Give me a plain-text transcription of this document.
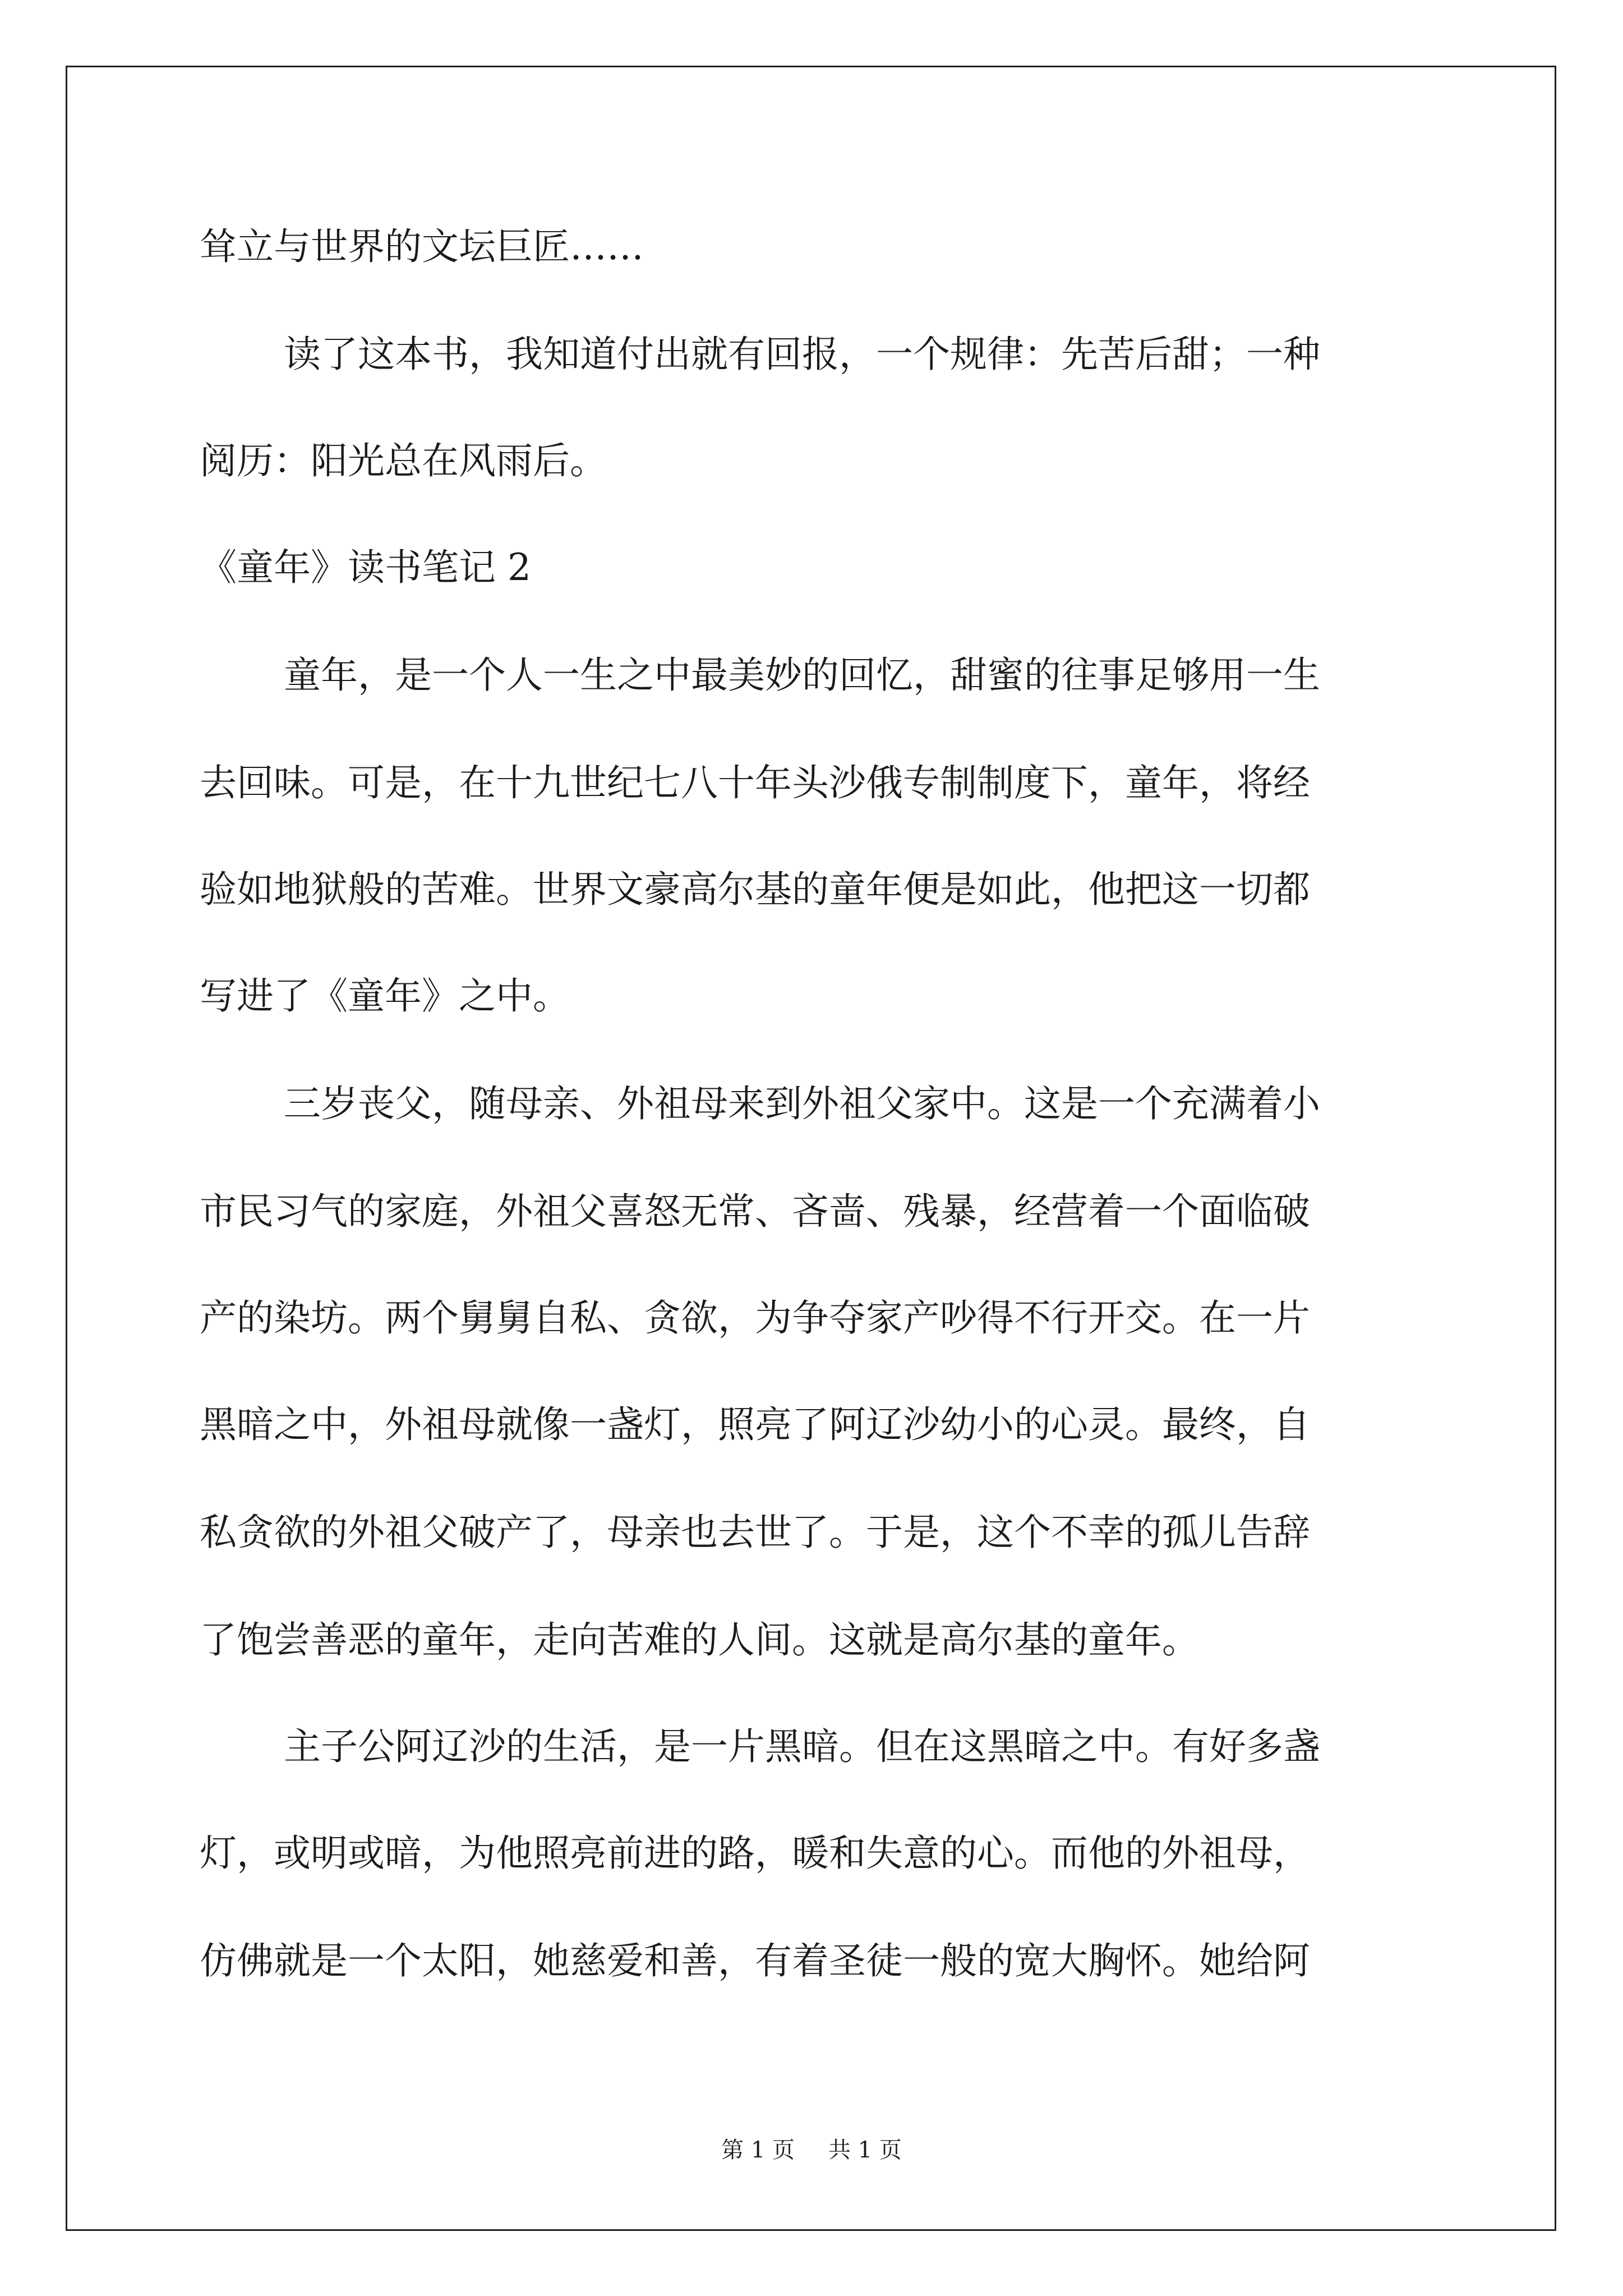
耸立与世界的文坛巨匠……
读了这本书，我知道付出就有回报，一个规律：先苦后甜；一种
阅历：阳光总在风雨后。
《童年》读书笔记 2
童年，是一个人一生之中最美妙的回忆，甜蜜的往事足够用一生
去回味。可是，在十九世纪七八十年头沙俄专制制度下，童年，将经
验如地狱般的苦难。世界文豪高尔基的童年便是如此，他把这一切都
写进了《童年》之中。
三岁丧父，随母亲、外祖母来到外祖父家中。这是一个充满着小
市民习气的家庭，外祖父喜怒无常、吝啬、残暴，经营着一个面临破
产的染坊。两个舅舅自私、贪欲，为争夺家产吵得不行开交。在一片
黑暗之中，外祖母就像一盏灯，照亮了阿辽沙幼小的心灵。最终，自
私贪欲的外祖父破产了，母亲也去世了。于是，这个不幸的孤儿告辞
了饱尝善恶的童年，走向苦难的人间。这就是高尔基的童年。
主子公阿辽沙的生活，是一片黑暗。但在这黑暗之中。有好多盏
灯，或明或暗，为他照亮前进的路，暖和失意的心。而他的外祖母，
仿佛就是一个太阳，她慈爱和善，有着圣徒一般的宽大胸怀。她给阿
第 1 页 共 1 页
